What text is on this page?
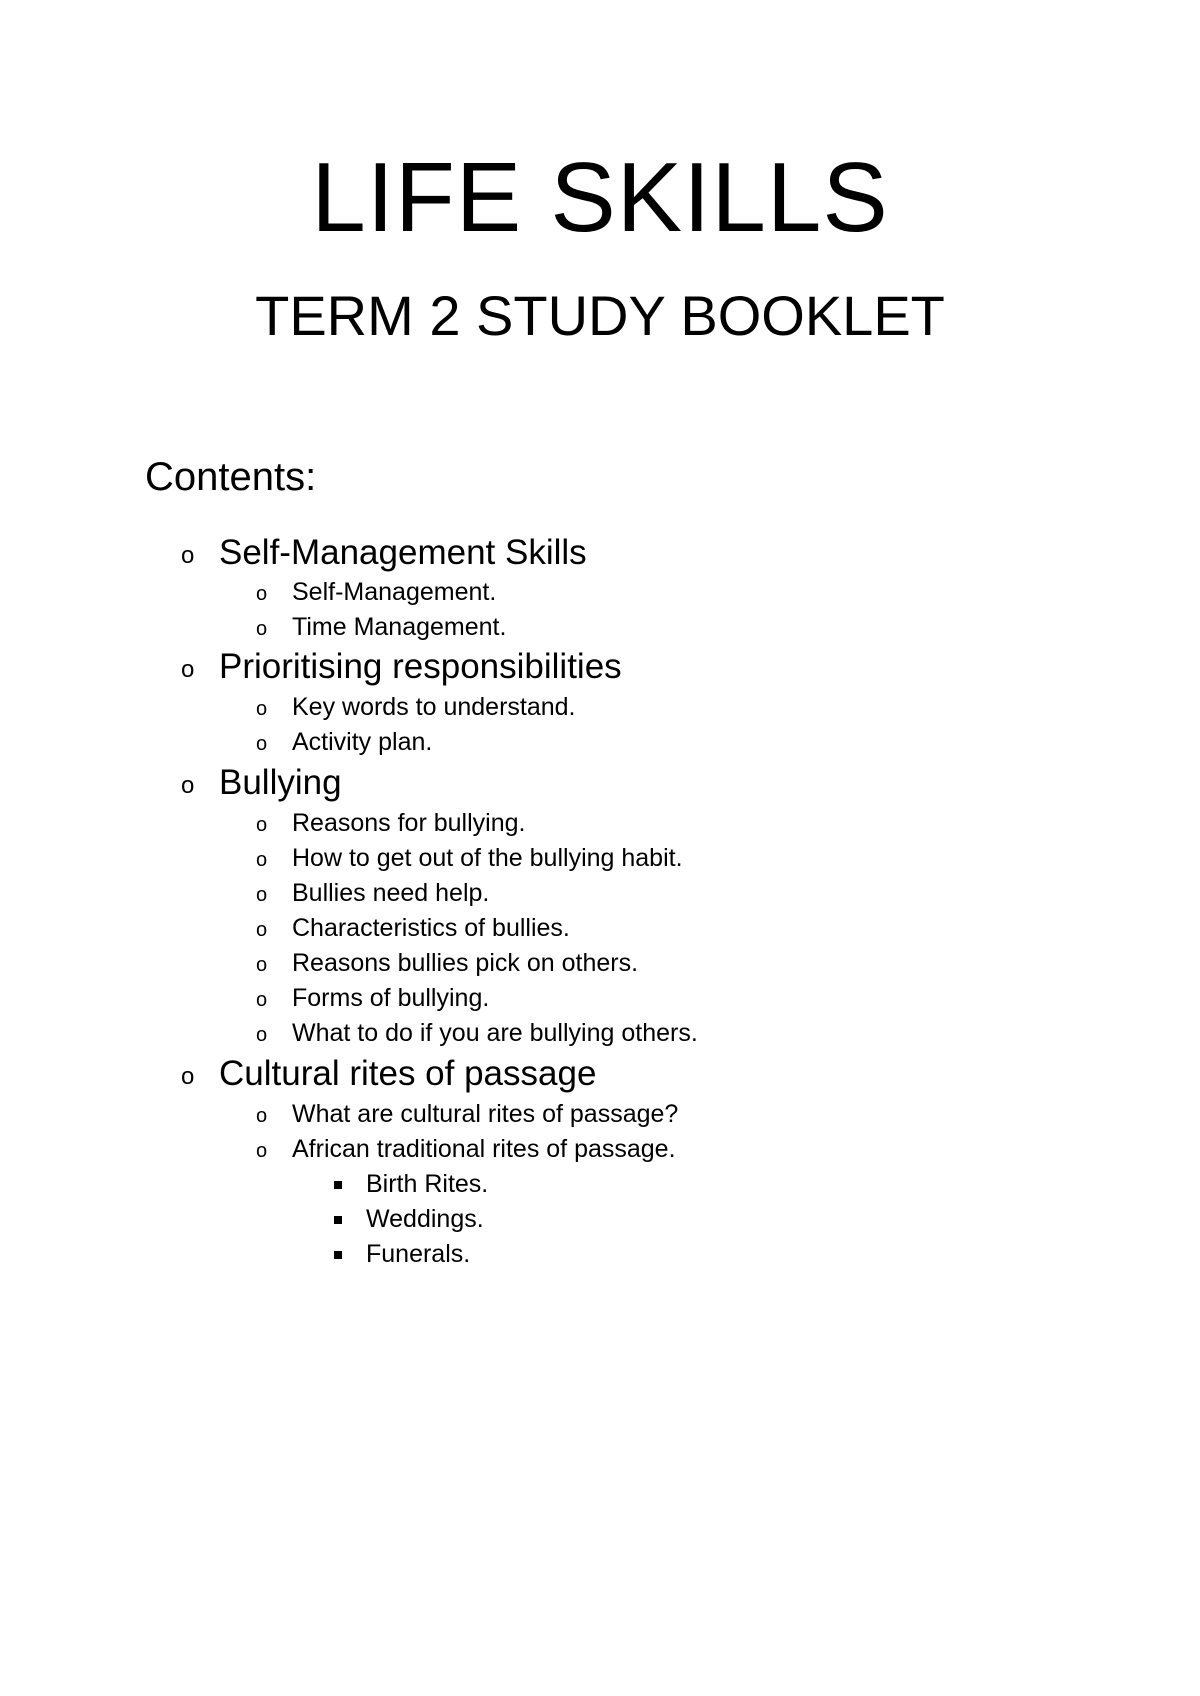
LIFE SKILLS
TERM 2 STUDY BOOKLET
Contents:
o Self-Management Skills
o Self-Management.
o Time Management.
o Prioritising responsibilities
o Key words to understand.
o Activity plan.
o Bullying
o Reasons for bullying.
o How to get out of the bullying habit.
o Bullies need help.
o Characteristics of bullies.
o Reasons bullies pick on others.
o Forms of bullying.
o What to do if you are bullying others.
o Cultural rites of passage
o What are cultural rites of passage?
o African traditional rites of passage.
Birth Rites.
Weddings.
Funerals.
